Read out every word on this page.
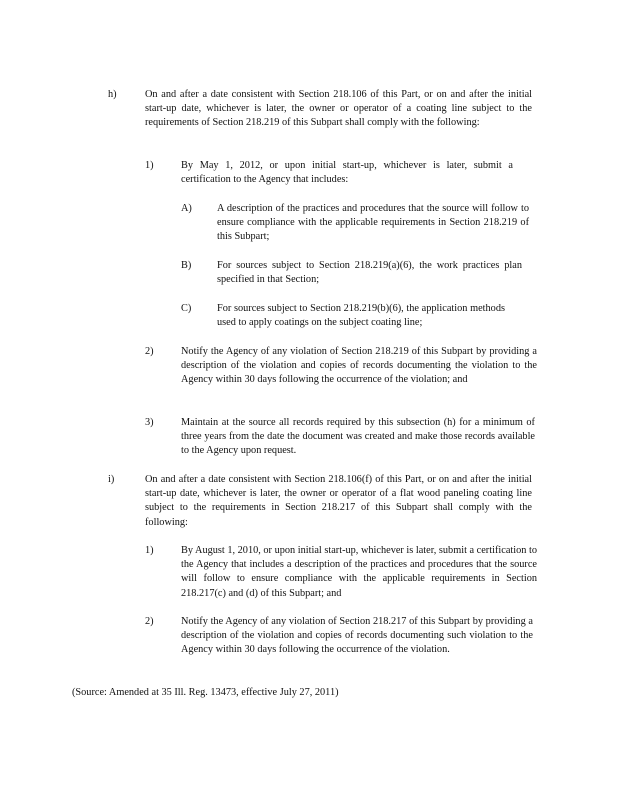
h)	On and after a date consistent with Section 218.106 of this Part, or on and after the initial start-up date, whichever is later, the owner or operator of a coating line subject to the requirements of Section 218.219 of this Subpart shall comply with the following:
1)	By May 1, 2012, or upon initial start-up, whichever is later, submit a certification to the Agency that includes:
A) A description of the practices and procedures that the source will follow to ensure compliance with the applicable requirements in Section 218.219 of this Subpart;
B) For sources subject to Section 218.219(a)(6), the work practices plan specified in that Section;
C) For sources subject to Section 218.219(b)(6), the application methods used to apply coatings on the subject coating line;
2)	Notify the Agency of any violation of Section 218.219 of this Subpart by providing a description of the violation and copies of records documenting the violation to the Agency within 30 days following the occurrence of the violation; and
3)	Maintain at the source all records required by this subsection (h) for a minimum of three years from the date the document was created and make those records available to the Agency upon request.
i)	On and after a date consistent with Section 218.106(f) of this Part, or on and after the initial start-up date, whichever is later, the owner or operator of a flat wood paneling coating line subject to the requirements in Section 218.217 of this Subpart shall comply with the following:
1)	By August 1, 2010, or upon initial start-up, whichever is later, submit a certification to the Agency that includes a description of the practices and procedures that the source will follow to ensure compliance with the applicable requirements in Section 218.217(c) and (d) of this Subpart; and
2)	Notify the Agency of any violation of Section 218.217 of this Subpart by providing a description of the violation and copies of records documenting such violation to the Agency within 30 days following the occurrence of the violation.
(Source: Amended at 35 Ill. Reg. 13473, effective July 27, 2011)
